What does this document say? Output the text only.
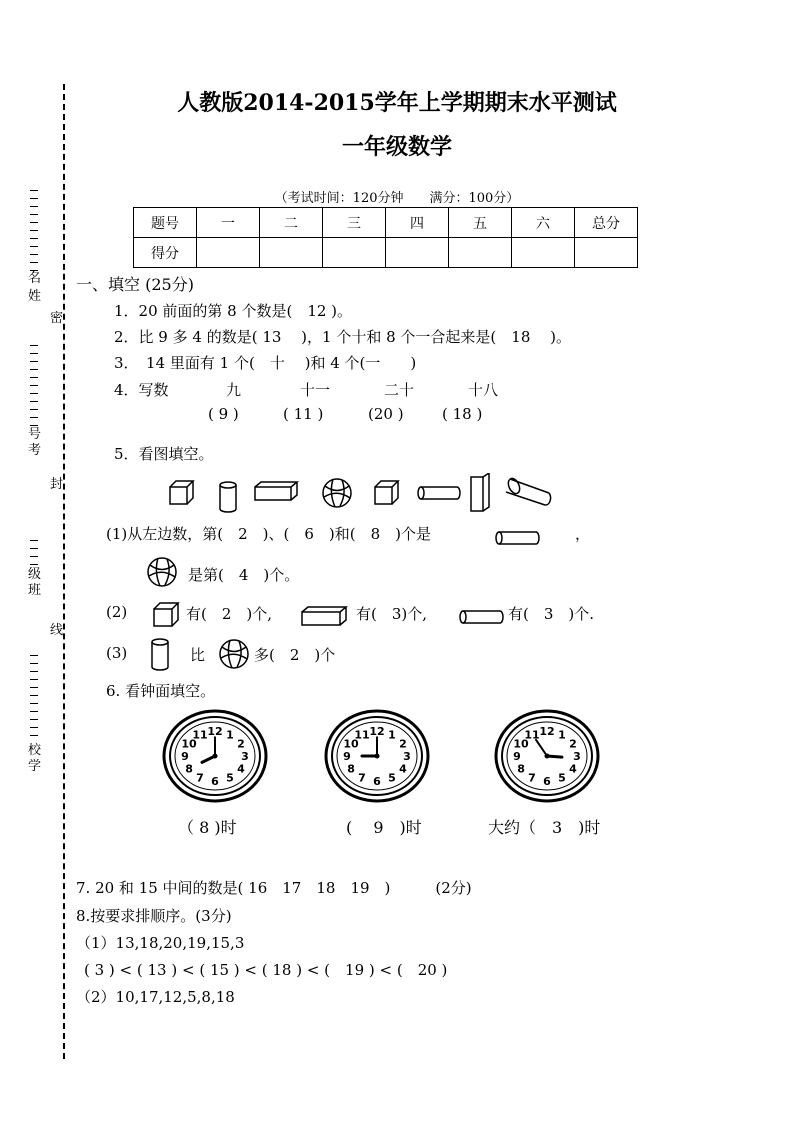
名
姓
号
考
级
班
校
学
密
封
线
人教版2014-2015学年上学期期末水平测试
一年级数学
（考试时间：120分钟　　满分：100分）
题号	一	二	三	四	五	六	总分
得分							
一、填空 (25分)
1．20 前面的第 8 个数是(　12 )。
2．比 9 多 4 的数是( 13　 )，1 个十和 8 个一合起来是(　18　 )。
3．　14 里面有 1 个(　十　 )和 4 个(一　　)
4．写数	九	十一	二十	十八
( 9 )	( 11 )	(20 )	( 18 )
5．看图填空。
(1)从左边数，第(　2　)、(　6　)和(　8　)个是	，
是第(　4　)个。
(2)	有(　2　)个,	有(　3)个,	有(　3　)个.
(3)	比	多(　2　)个
6. 看钟面填空。
12 1
2
3
4
5
6
7
8
9
10
11	12 1
2
3
4
5
6
7
8
9
10
11	12 1
2
3
4
5
6
7
8
9
10
11
（ 8 )时	(　 9　)时	大约（　3　)时
7. 20 和 15 中间的数是( 16　17　18　19　)　　　(2分)
8.按要求排顺序。(3分)
（1）13,18,20,19,15,3
( 3 ) < ( 13 ) < ( 15 ) < ( 18 ) < (　19 ) < (　20 )
（2）10,17,12,5,8,18
